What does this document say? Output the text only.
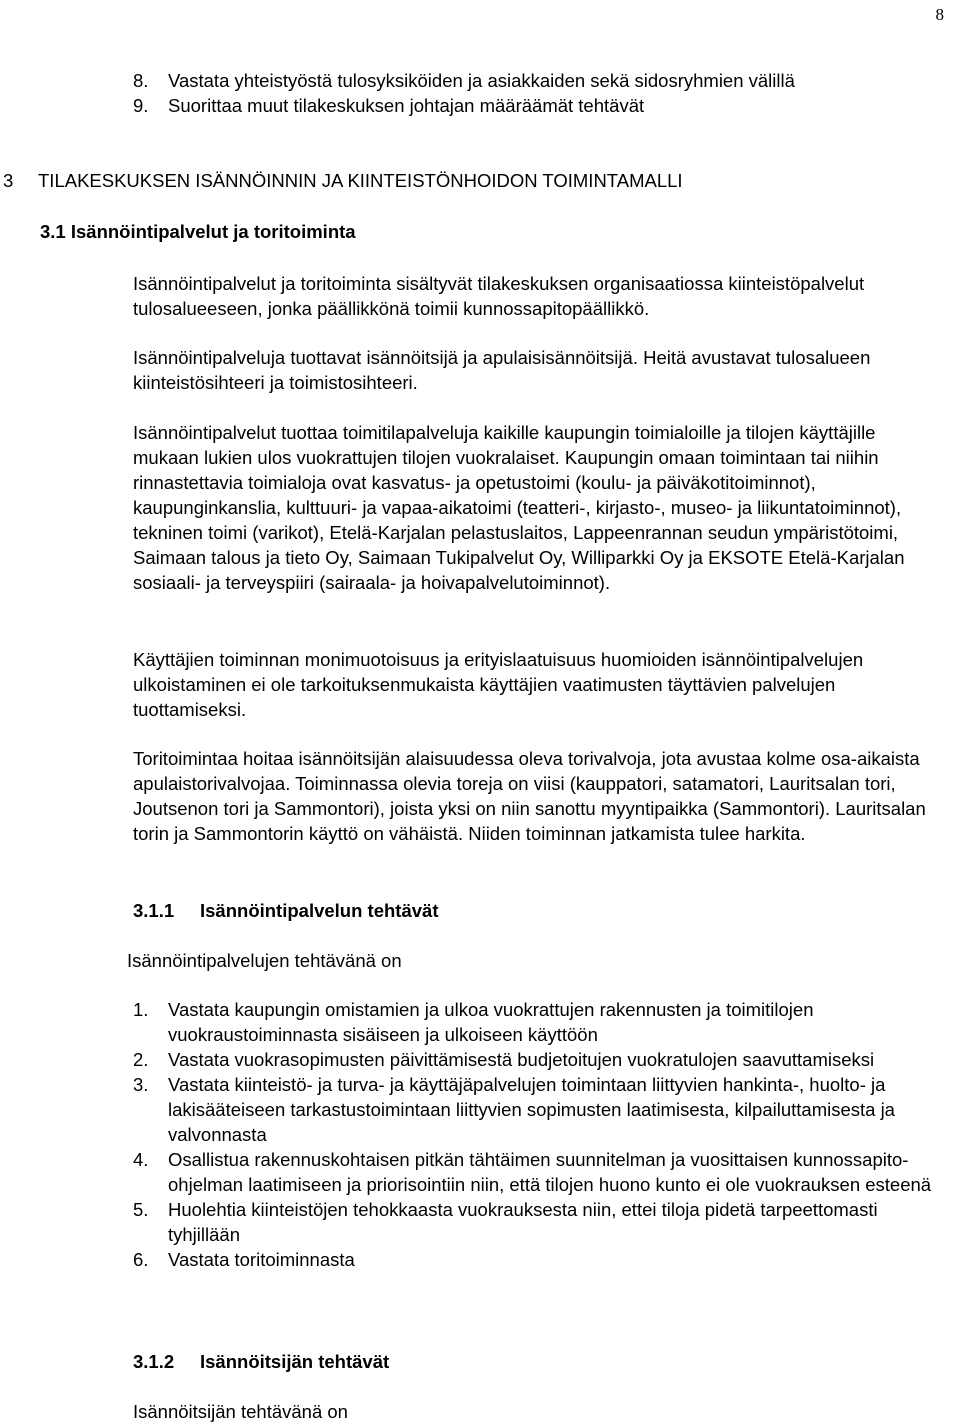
8
8. Vastata yhteistyöstä tulosyksiköiden ja asiakkaiden sekä sidosryhmien välillä
9. Suorittaa muut tilakeskuksen johtajan määräämät tehtävät
3 TILAKESKUKSEN ISÄNNÖINNIN JA KIINTEISTÖNHOIDON TOIMINTAMALLI
3.1 Isännöintipalvelut ja toritoiminta

Isännöintipalvelut ja toritoiminta sisältyvät tilakeskuksen organisaatiossa kiinteistöpalvelut tulosalueeseen, jonka päällikkönä toimii kunnossapitopäällikkö.

Isännöintipalveluja tuottavat isännöitsijä ja apulaisisännöitsijä. Heitä avustavat tulosalueen kiinteistösihteeri ja toimistosihteeri.

Isännöintipalvelut tuottaa toimitilapalveluja kaikille kaupungin toimialoille ja tilojen käyttäjille mukaan lukien ulos vuokrattujen tilojen vuokralaiset. Kaupungin omaan toimintaan tai niihin rinnastettavia toimialoja ovat kasvatus- ja opetustoimi (koulu- ja päiväkotitoiminnot), kaupunginkanslia, kulttuuri- ja vapaa-aikatoimi (teatteri-, kirjasto-, museo- ja liikuntatoiminnot), tekninen toimi (varikot), Etelä-Karjalan pelastuslaitos, Lappeenrannan seudun ympäristötoimi, Saimaan talous ja tieto Oy, Saimaan Tukipalvelut Oy, Williparkki Oy ja EKSOTE Etelä-Karjalan sosiaali- ja terveyspiiri (sairaala- ja hoivapalvelutoiminnot).

Käyttäjien toiminnan monimuotoisuus ja erityislaatuisuus huomioiden isännöintipalvelujen ulkoistaminen ei ole tarkoituksenmukaista käyttäjien vaatimusten täyttävien palvelujen tuottamiseksi.

Toritoimintaa hoitaa isännöitsijän alaisuudessa oleva torivalvoja, jota avustaa kolme osa-aikaista apulaistorivalvojaa. Toiminnassa olevia toreja on viisi (kauppatori, satamatori, Lauritsalan tori, Joutsenon tori ja Sammontori), joista yksi on niin sanottu myyntipaikka (Sammontori). Lauritsalan torin ja Sammontorin käyttö on vähäistä. Niiden toiminnan jatkamista tulee harkita.

3.1.1 Isännöintipalvelun tehtävät
Isännöintipalvelujen tehtävänä on
1. Vastata kaupungin omistamien ja ulkoa vuokrattujen rakennusten ja toimitilojen vuokraustoiminnasta sisäiseen ja ulkoiseen käyttöön
2. Vastata vuokrasopimusten päivittämisestä budjetoitujen vuokratulojen saavuttamiseksi
3. Vastata kiinteistö- ja turva- ja käyttäjäpalvelujen toimintaan liittyvien hankinta-, huolto- ja lakisääteiseen tarkastustoimintaan liittyvien sopimusten laatimisesta, kilpailuttamisesta ja valvonnasta
4. Osallistua rakennuskohtaisen pitkän tähtäimen suunnitelman ja vuosittaisen kunnossapito-ohjelman laatimiseen ja priorisointiin niin, että tilojen huono kunto ei ole vuokrauksen esteenä
5. Huolehtia kiinteistöjen tehokkaasta vuokrauksesta niin, ettei tiloja pidetä tarpeettomasti tyhjillään
6. Vastata toritoiminnasta
3.1.2 Isännöitsijän tehtävät
Isännöitsijän tehtävänä on
